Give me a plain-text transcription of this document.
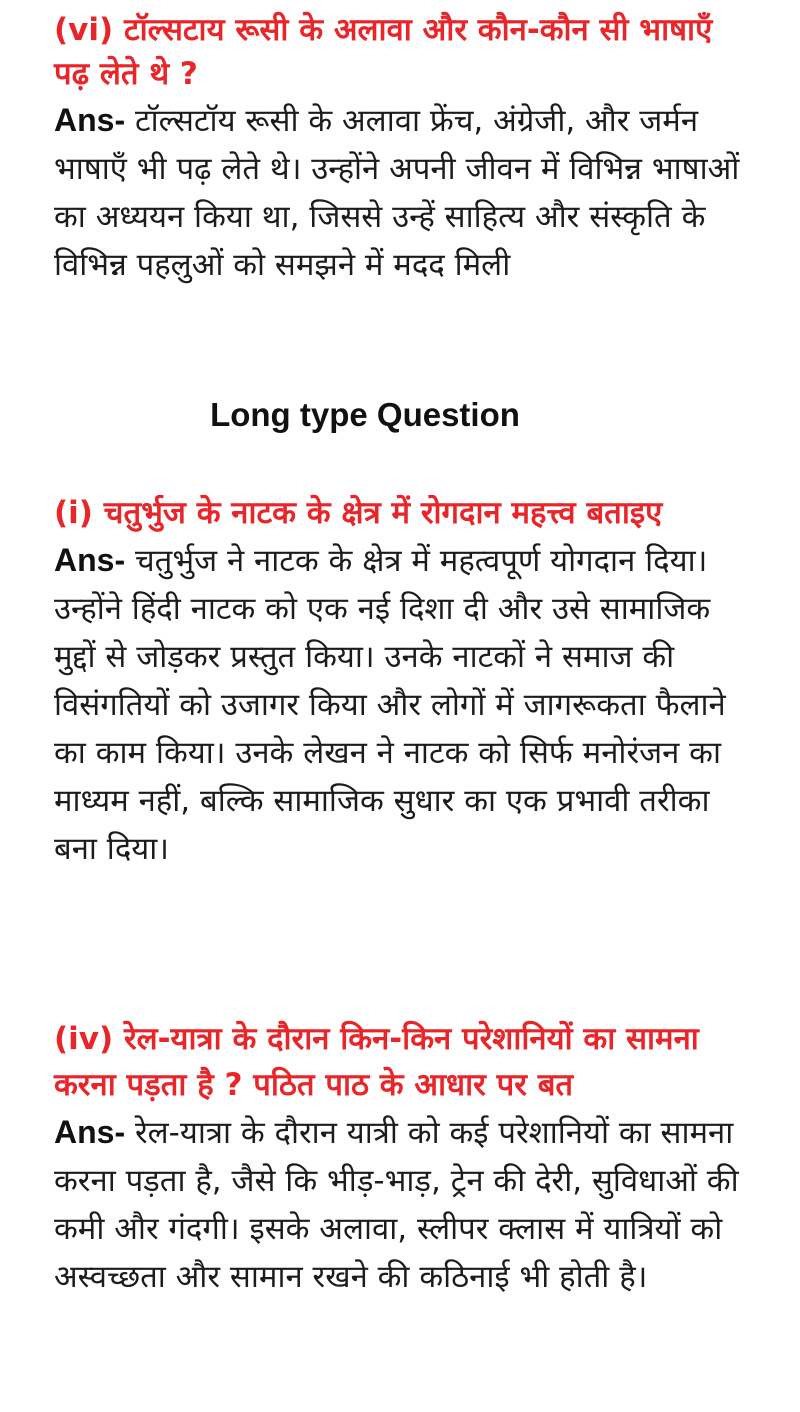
(vi) टॉल्सटाय रूसी के अलावा और कौन-कौन सी भाषाएँ पढ़ लेते थे ?

Ans- टॉल्सटॉय रूसी के अलावा फ्रेंच, अंग्रेजी, और जर्मन भाषाएँ भी पढ़ लेते थे। उन्होंने अपनी जीवन में विभिन्न भाषाओं का अध्ययन किया था, जिससे उन्हें साहित्य और संस्कृति के विभिन्न पहलुओं को समझने में मदद मिली

Long type Question

(i) चतुर्भुज के नाटक के क्षेत्र में रोगदान महत्त्व बताइए

Ans- चतुर्भुज ने नाटक के क्षेत्र में महत्वपूर्ण योगदान दिया। उन्होंने हिंदी नाटक को एक नई दिशा दी और उसे सामाजिक मुद्दों से जोड़कर प्रस्तुत किया। उनके नाटकों ने समाज की विसंगतियों को उजागर किया और लोगों में जागरूकता फैलाने का काम किया। उनके लेखन ने नाटक को सिर्फ मनोरंजन का माध्यम नहीं, बल्कि सामाजिक सुधार का एक प्रभावी तरीका बना दिया।

(iv) रेल-यात्रा के दौरान किन-किन परेशानियों का सामना करना पड़ता है ? पठित पाठ के आधार पर बत

Ans- रेल-यात्रा के दौरान यात्री को कई परेशानियों का सामना करना पड़ता है, जैसे कि भीड़-भाड़, ट्रेन की देरी, सुविधाओं की कमी और गंदगी। इसके अलावा, स्लीपर क्लास में यात्रियों को अस्वच्छता और सामान रखने की कठिनाई भी होती है।
